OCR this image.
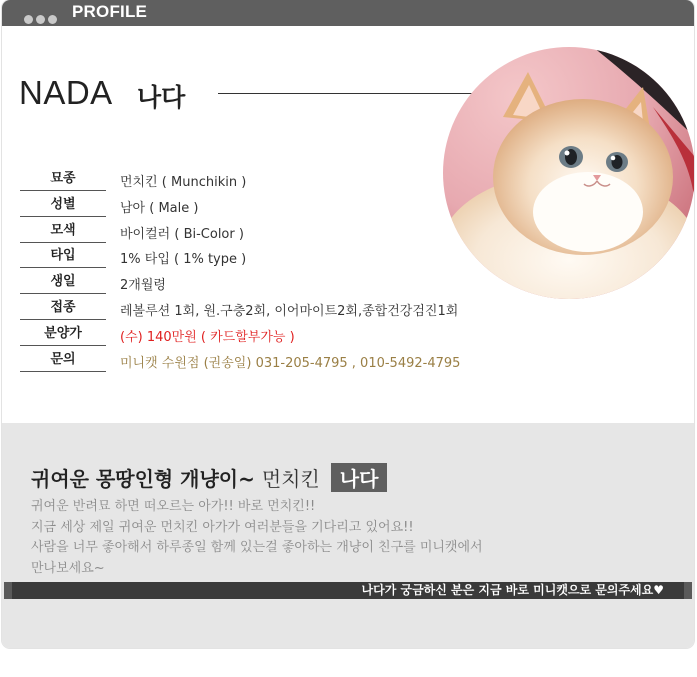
PROFILE
NADA 나다
묘종	먼치킨 ( Munchikin )
성별	남아 ( Male )
모색	바이컬러 ( Bi-Color )
타입	1% 타입 ( 1% type )
생일	2개월령
접종	레볼루션 1회, 원.구충2회, 이어마이트2회,종합건강검진1회
분양가	(수) 140만원 ( 카드할부가능 )
문의	미니캣 수원점 (권송일) 031-205-4795 , 010-5492-4795
귀여운 몽땅인형 개냥이~ 먼치킨 나다
귀여운 반려묘 하면 떠오르는 아가!! 바로 먼치킨!!
지금 세상 제일 귀여운 먼치킨 아가가 여러분들을 기다리고 있어요!!
사람을 너무 좋아해서 하루종일 함께 있는걸 좋아하는 개냥이 친구를 미니캣에서
만나보세요~
나다가 궁금하신 분은 지금 바로 미니캣으로 문의주세요♥
